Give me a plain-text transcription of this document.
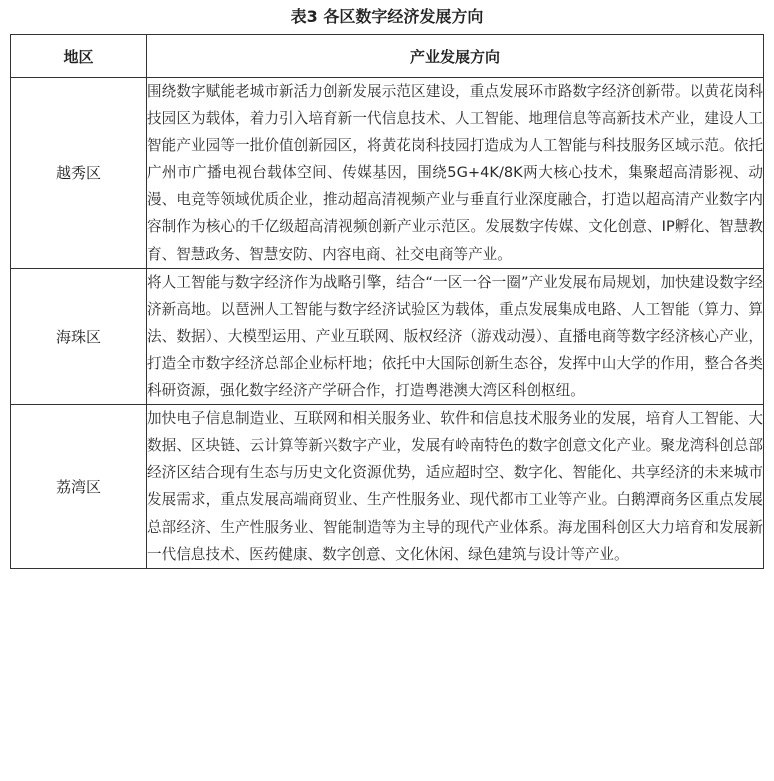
表3 各区数字经济发展方向
地区	产业发展方向
越秀区	围绕数字赋能老城市新活力创新发展示范区建设，重点发展环市路数字经济创新带。以黄花岗科技园区为载体，着力引入培育新一代信息技术、人工智能、地理信息等高新技术产业，建设人工智能产业园等一批价值创新园区，将黄花岗科技园打造成为人工智能与科技服务区域示范。依托广州市广播电视台载体空间、传媒基因，围绕5G+4K/8K两大核心技术，集聚超高清影视、动漫、电竞等领域优质企业，推动超高清视频产业与垂直行业深度融合，打造以超高清产业数字内容制作为核心的千亿级超高清视频创新产业示范区。发展数字传媒、文化创意、IP孵化、智慧教育、智慧政务、智慧安防、内容电商、社交电商等产业。
海珠区	将人工智能与数字经济作为战略引擎，结合“一区一谷一圈”产业发展布局规划，加快建设数字经济新高地。以琶洲人工智能与数字经济试验区为载体，重点发展集成电路、人工智能（算力、算法、数据）、大模型运用、产业互联网、版权经济（游戏动漫）、直播电商等数字经济核心产业，打造全市数字经济总部企业标杆地；依托中大国际创新生态谷，发挥中山大学的作用，整合各类科研资源，强化数字经济产学研合作，打造粤港澳大湾区科创枢纽。
荔湾区	加快电子信息制造业、互联网和相关服务业、软件和信息技术服务业的发展，培育人工智能、大数据、区块链、云计算等新兴数字产业，发展有岭南特色的数字创意文化产业。聚龙湾科创总部经济区结合现有生态与历史文化资源优势，适应超时空、数字化、智能化、共享经济的未来城市发展需求，重点发展高端商贸业、生产性服务业、现代都市工业等产业。白鹅潭商务区重点发展总部经济、生产性服务业、智能制造等为主导的现代产业体系。海龙围科创区大力培育和发展新一代信息技术、医药健康、数字创意、文化休闲、绿色建筑与设计等产业。
